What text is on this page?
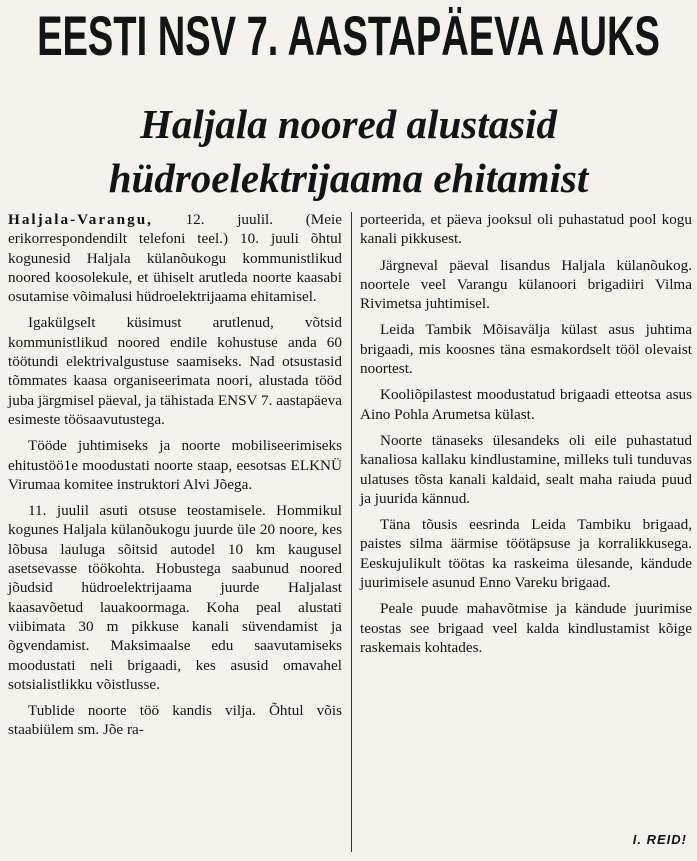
EESTI NSV 7. AASTAPÄEVA AUKS
Haljala noored alustasid
hüdroelektrijaama ehitamist

Haljala-Varangu, 12. juulil. (Meie erikorrespondendilt telefoni teel.) 10. juuli õhtul kogunesid Haljala külanõukogu kommunistlikud noored koosolekule, et ühiselt arutleda noorte kaasabi osutamise võimalusi hüdroelektrijaama ehitamisel.

Igakülgselt küsimust arutlenud, võtsid kommunistlikud noored endile kohustuse anda 60 töötundi elektrivalgustuse saamiseks. Nad otsustasid tõmmates kaasa organiseerimata noori, alustada tööd juba järgmisel päeval, ja tähistada ENSV 7. aastapäeva esimeste töösaavutustega.

Tööde juhtimiseks ja noorte mobiliseerimiseks ehitustöö1e moodustati noorte staap, eesotsas ELKNÜ Virumaa komitee instruktori Alvi Jõega.

11. juulil asuti otsuse teostamisele. Hommikul kogunes Haljala külanõukogu juurde üle 20 noore, kes lõbusa lauluga sõitsid autodel 10 km kaugusel asetsevasse töökohta. Hobustega saabunud noored jõudsid hüdroelektrijaama juurde Haljalast kaasavõetud lauakoormaga. Koha peal alustati viibimata 30 m pikkuse kanali süvendamist ja õgvendamist. Maksimaalse edu saavutamiseks moodustati neli brigaadi, kes asusid omavahel sotsialistlikku võistlusse.

Tublide noorte töö kandis vilja. Õhtul võis staabiülem sm. Jõe ra-

porteerida, et päeva jooksul oli puhastatud pool kogu kanali pikkusest.

Järgneval päeval lisandus Haljala külanõukog. noortele veel Varangu külanoori brigadiiri Vilma Rivimetsa juhtimisel.

Leida Tambik Mõisavälja külast asus juhtima brigaadi, mis koosnes täna esmakordselt tööl olevaist noortest.

Kooliõpilastest moodustatud brigaadi etteotsa asus Aino Pohla Arumetsa külast.

Noorte tänaseks ülesandeks oli eile puhastatud kanaliosa kallaku kindlustamine, milleks tuli tunduvas ulatuses tõsta kanali kaldaid, sealt maha raiuda puud ja juurida kännud.

Täna tõusis eesrinda Leida Tambiku brigaad, paistes silma äärmise töötäpsuse ja korralikkusega. Eeskujulikult töötas ka raskeima ülesande, kändude juurimisele asunud Enno Vareku brigaad.

Peale puude mahavõtmise ja kändude juurimise teostas see brigaad veel kalda kindlustamist kõige raskemais kohtades.

I. REID!
